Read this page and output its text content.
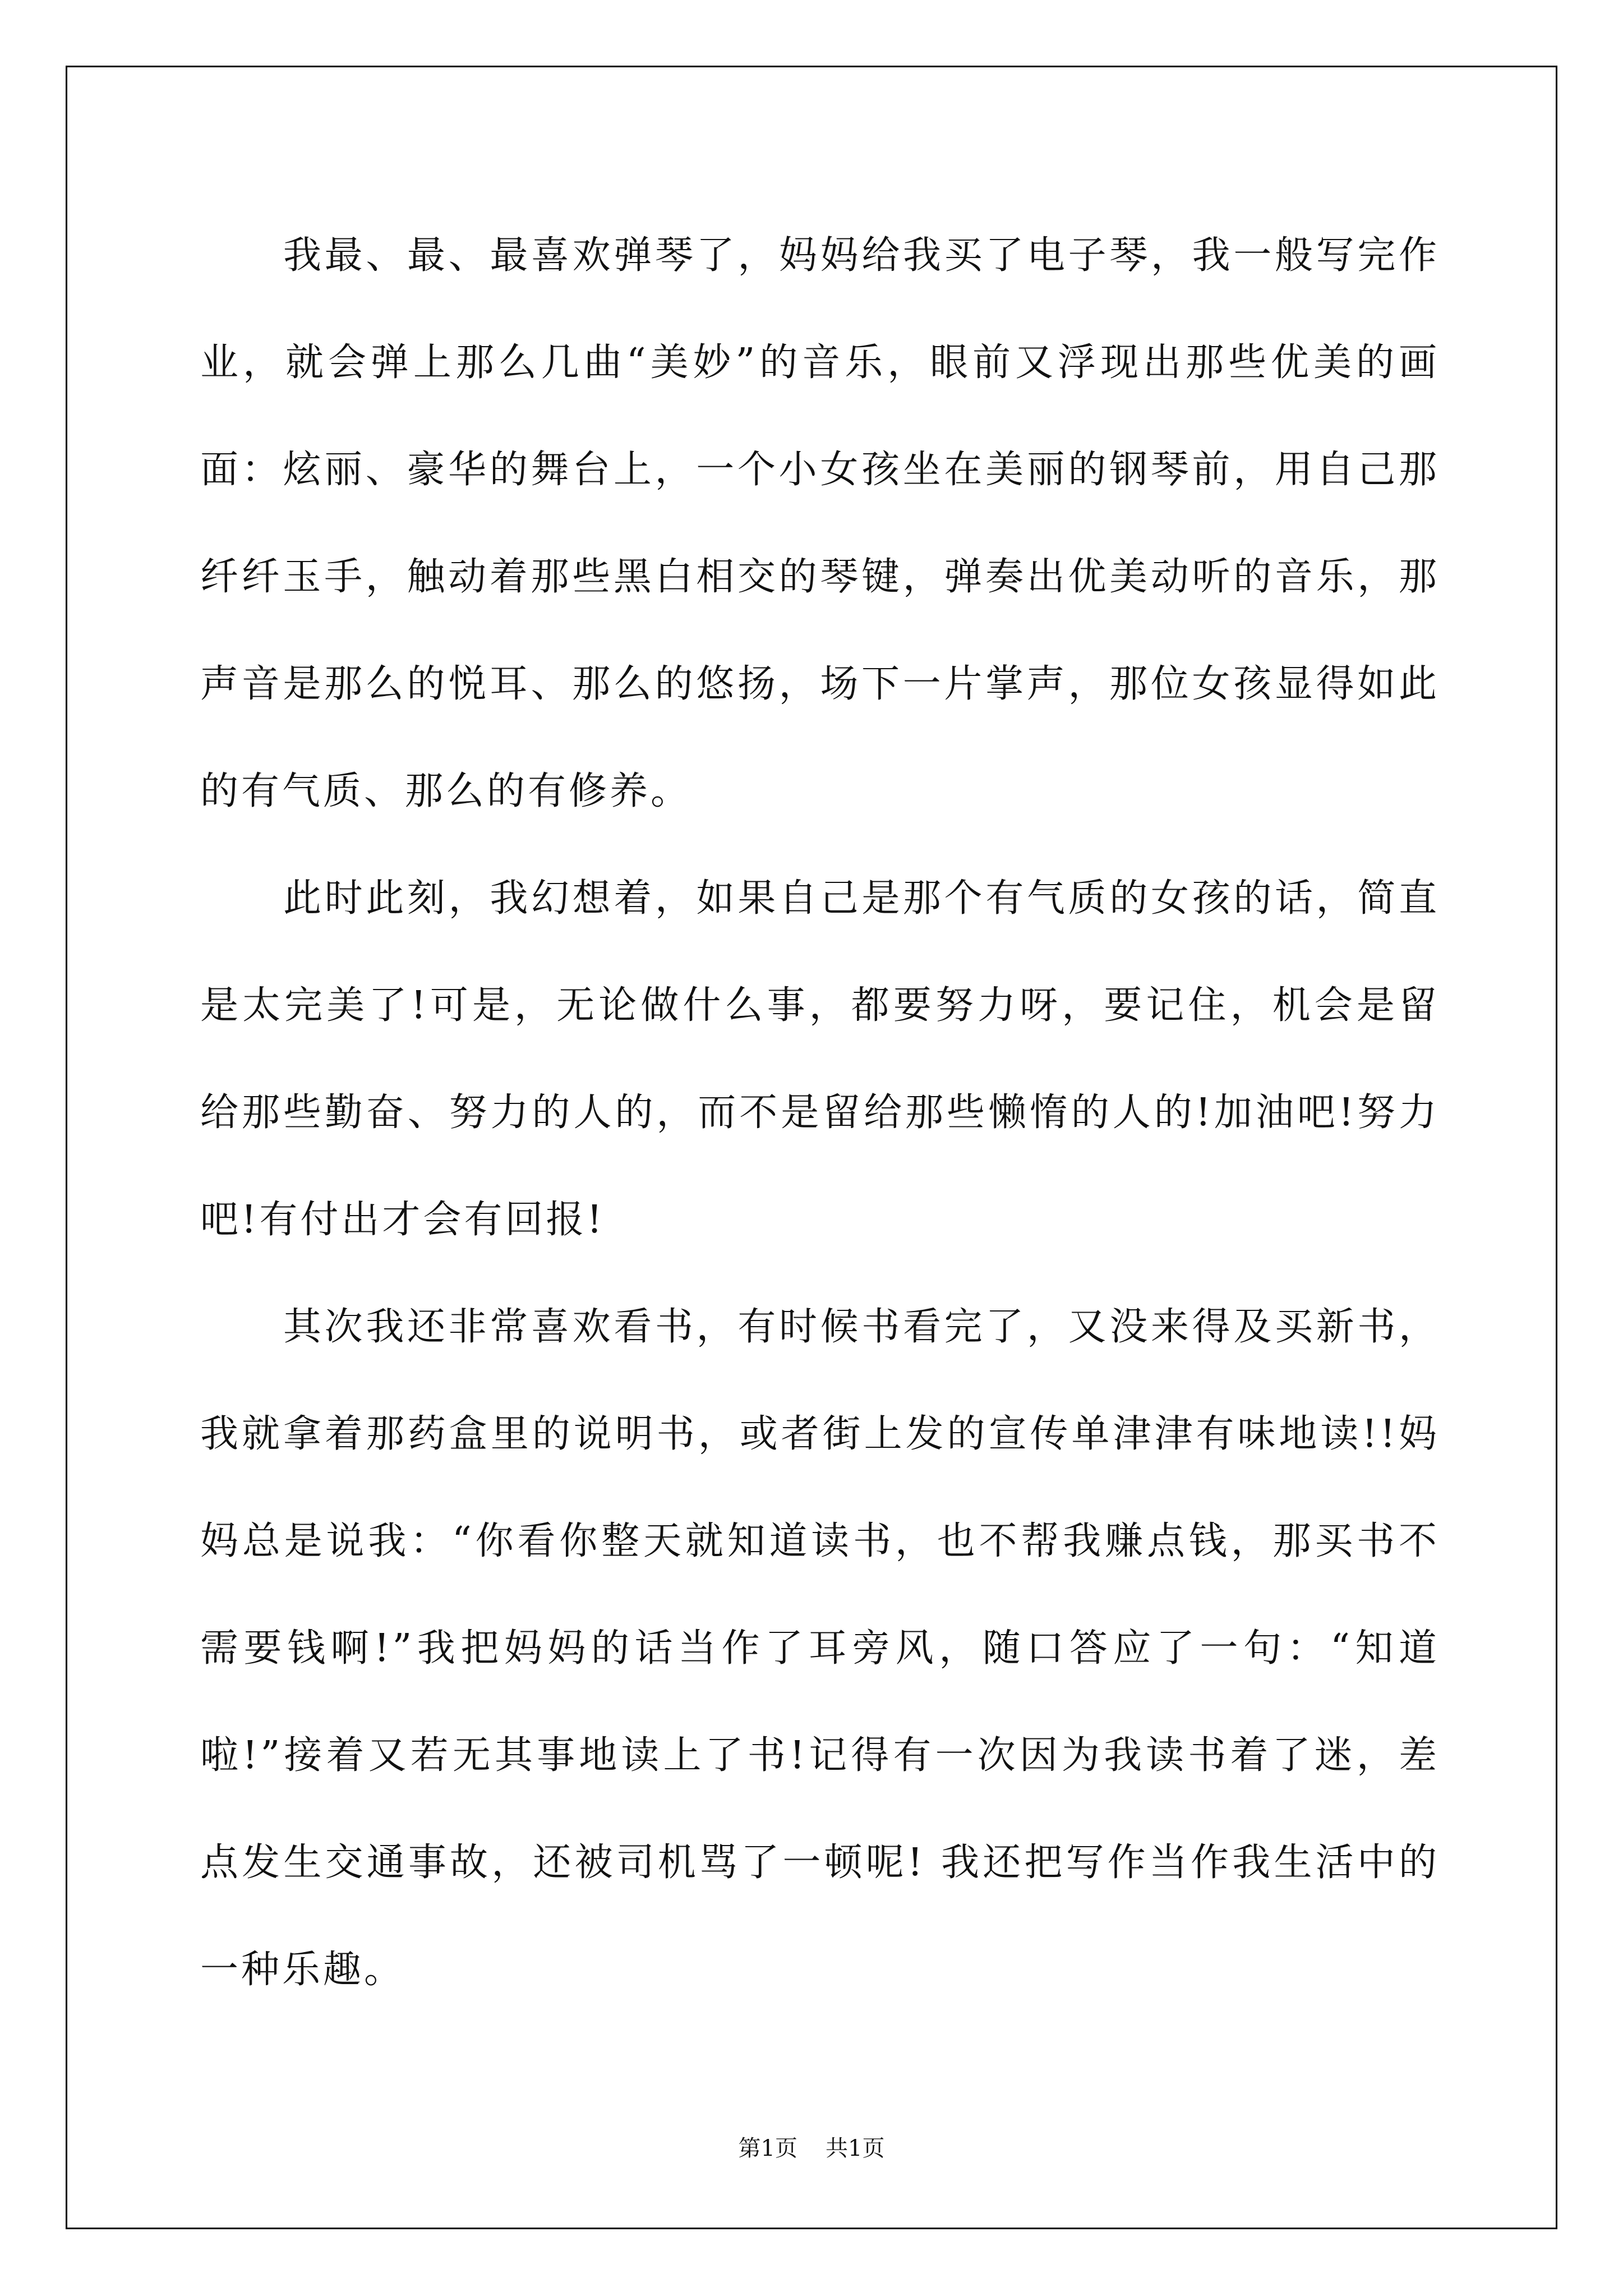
我最、最、最喜欢弹琴了，妈妈给我买了电子琴，我一般写完作业，就会弹上那么几曲“美妙”的音乐，眼前又浮现出那些优美的画面：炫丽、豪华的舞台上，一个小女孩坐在美丽的钢琴前，用自己那纤纤玉手，触动着那些黑白相交的琴键，弹奏出优美动听的音乐，那声音是那么的悦耳、那么的悠扬，场下一片掌声，那位女孩显得如此的有气质、那么的有修养。

此时此刻，我幻想着，如果自己是那个有气质的女孩的话，简直是太完美了!可是，无论做什么事，都要努力呀，要记住，机会是留给那些勤奋、努力的人的，而不是留给那些懒惰的人的!加油吧!努力吧!有付出才会有回报!

其次我还非常喜欢看书，有时候书看完了，又没来得及买新书，我就拿着那药盒里的说明书，或者街上发的宣传单津津有味地读!!妈妈总是说我：“你看你整天就知道读书，也不帮我赚点钱，那买书不需要钱啊!”我把妈妈的话当作了耳旁风，随口答应了一句：“知道啦!”接着又若无其事地读上了书!记得有一次因为我读书着了迷，差点发生交通事故，还被司机骂了一顿呢! 我还把写作当作我生活中的一种乐趣。

第1页 共1页
